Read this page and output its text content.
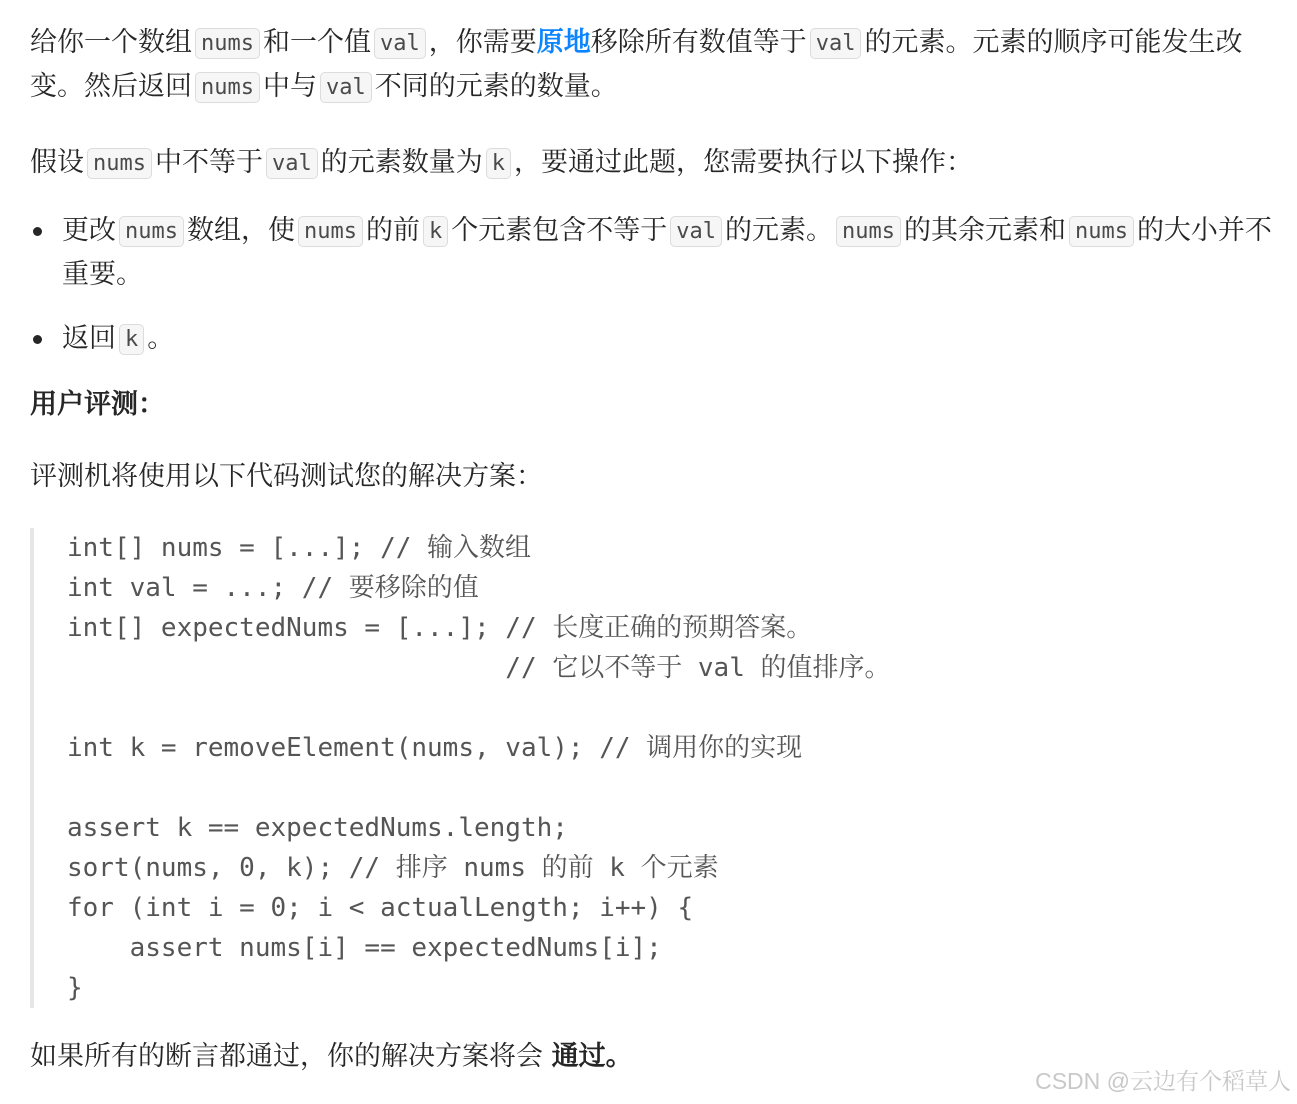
给你一个数组 nums 和一个值 val ，你需要原地移除所有数值等于 val 的元素。元素的顺序可能发生改变。然后返回 nums 中与 val 不同的元素的数量。

假设 nums 中不等于 val 的元素数量为 k ，要通过此题，您需要执行以下操作：

更改 nums 数组，使 nums 的前 k 个元素包含不等于 val 的元素。 nums 的其余元素和 nums 的大小并不重要。
返回 k 。

用户评测：

评测机将使用以下代码测试您的解决方案：

int[] nums = [...]; // 输入数组
int val = ...; // 要移除的值
int[] expectedNums = [...]; // 长度正确的预期答案。
// 它以不等于 val 的值排序。

int k = removeElement(nums, val); // 调用你的实现

assert k == expectedNums.length;
sort(nums, 0, k); // 排序 nums 的前 k 个元素
for (int i = 0; i < actualLength; i++) {
assert nums[i] == expectedNums[i];
}

如果所有的断言都通过，你的解决方案将会 通过。

CSDN @云边有个稻草人
